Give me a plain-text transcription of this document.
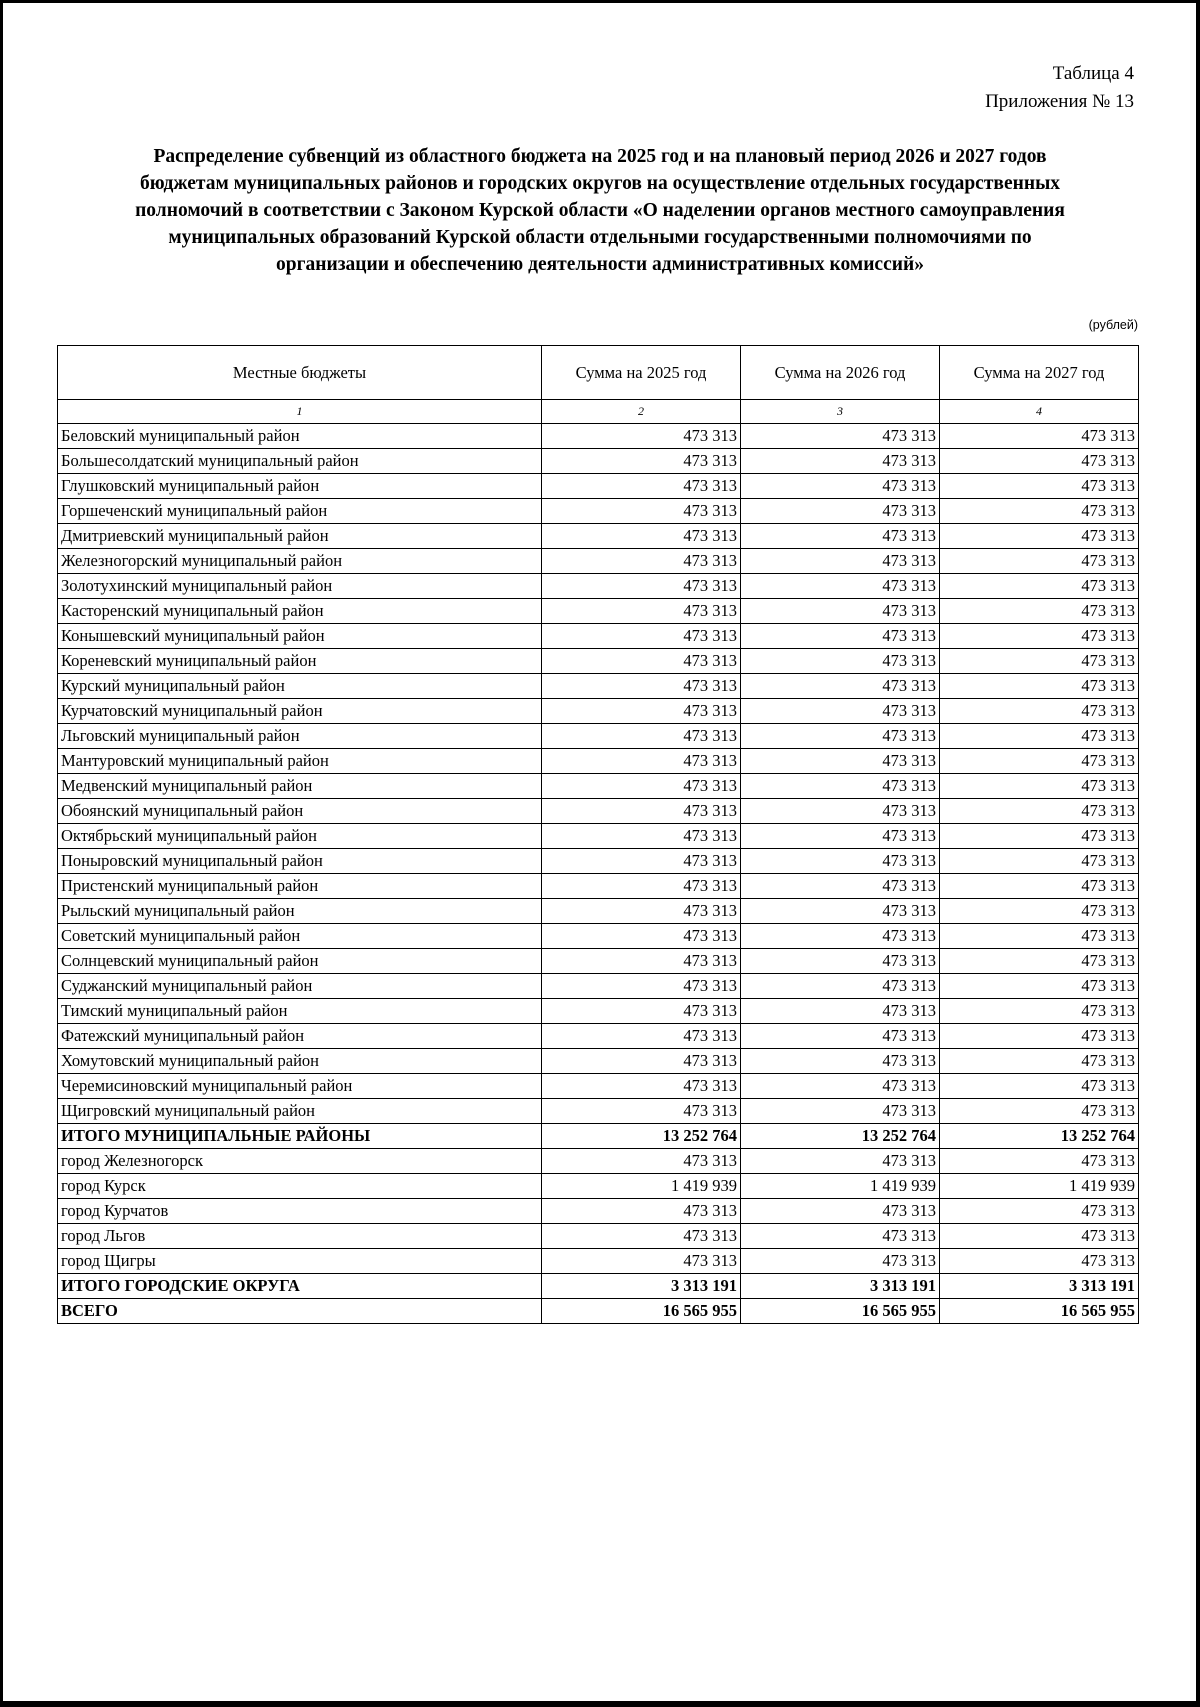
Таблица 4
Приложения № 13
Распределение субвенций из областного бюджета на 2025 год и на плановый период 2026 и 2027 годов
бюджетам муниципальных районов и городских округов на осуществление отдельных государственных
полномочий в соответствии с Законом Курской области «О наделении органов местного самоуправления
муниципальных образований Курской области отдельными государственными полномочиями по
организации и обеспечению деятельности административных комиссий»
(рублей)
Местные бюджеты	Сумма на 2025 год	Сумма на 2026 год	Сумма на 2027 год
1	2	3	4
Беловский муниципальный район	473 313	473 313	473 313
Большесолдатский муниципальный район	473 313	473 313	473 313
Глушковский муниципальный район	473 313	473 313	473 313
Горшеченский муниципальный район	473 313	473 313	473 313
Дмитриевский муниципальный район	473 313	473 313	473 313
Железногорский муниципальный район	473 313	473 313	473 313
Золотухинский муниципальный район	473 313	473 313	473 313
Касторенский муниципальный район	473 313	473 313	473 313
Конышевский муниципальный район	473 313	473 313	473 313
Кореневский муниципальный район	473 313	473 313	473 313
Курский муниципальный район	473 313	473 313	473 313
Курчатовский муниципальный район	473 313	473 313	473 313
Льговский муниципальный район	473 313	473 313	473 313
Мантуровский муниципальный район	473 313	473 313	473 313
Медвенский муниципальный район	473 313	473 313	473 313
Обоянский муниципальный район	473 313	473 313	473 313
Октябрьский муниципальный район	473 313	473 313	473 313
Поныровский муниципальный район	473 313	473 313	473 313
Пристенский муниципальный район	473 313	473 313	473 313
Рыльский муниципальный район	473 313	473 313	473 313
Советский муниципальный район	473 313	473 313	473 313
Солнцевский муниципальный район	473 313	473 313	473 313
Суджанский муниципальный район	473 313	473 313	473 313
Тимский муниципальный район	473 313	473 313	473 313
Фатежский муниципальный район	473 313	473 313	473 313
Хомутовский муниципальный район	473 313	473 313	473 313
Черемисиновский муниципальный район	473 313	473 313	473 313
Щигровский муниципальный район	473 313	473 313	473 313
ИТОГО МУНИЦИПАЛЬНЫЕ РАЙОНЫ	13 252 764	13 252 764	13 252 764
город Железногорск	473 313	473 313	473 313
город Курск	1 419 939	1 419 939	1 419 939
город Курчатов	473 313	473 313	473 313
город Льгов	473 313	473 313	473 313
город Щигры	473 313	473 313	473 313
ИТОГО ГОРОДСКИЕ ОКРУГА	3 313 191	3 313 191	3 313 191
ВСЕГО	16 565 955	16 565 955	16 565 955
